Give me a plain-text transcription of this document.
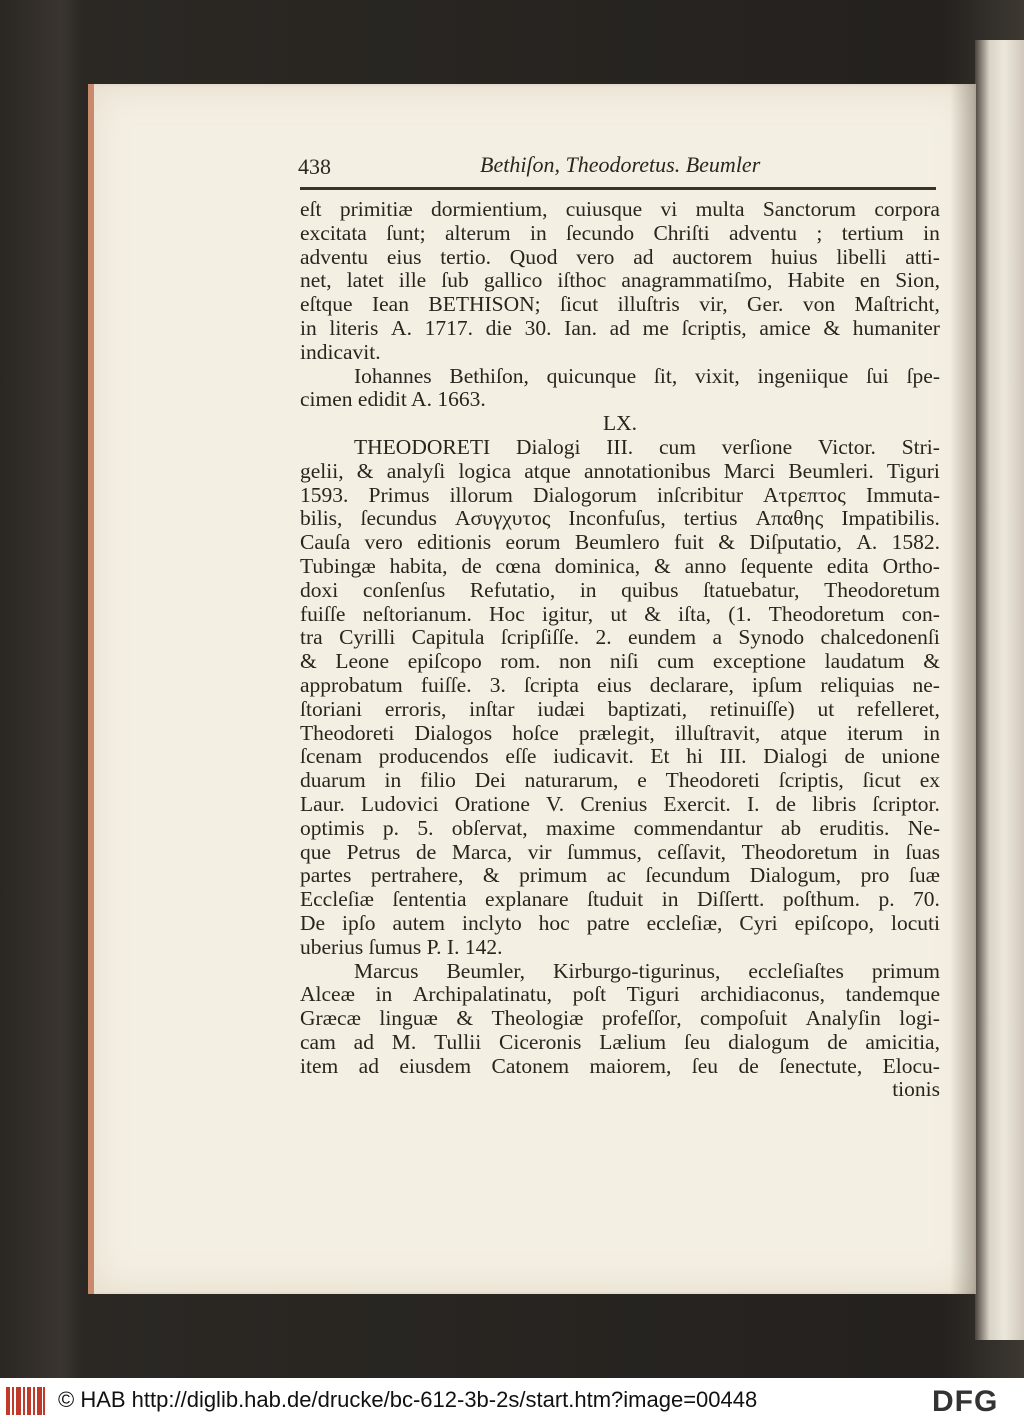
438	Bethiſon, Theodoretus. Beumler
eſt primitiæ dormientium, cuiusque vi multa Sanctorum corpora
excitata ſunt; alterum in ſecundo Chriſti adventu ; tertium in
adventu eius tertio. Quod vero ad auctorem huius libelli atti-
net, latet ille ſub gallico iſthoc anagrammatiſmo, Habite en Sion,
eſtque Iean BETHISON; ſicut illuſtris vir, Ger. von Maſtricht,
in literis A. 1717. die 30. Ian. ad me ſcriptis, amice & humaniter
indicavit.
Iohannes Bethiſon, quicunque ſit, vixit, ingeniique ſui ſpe-
cimen edidit A. 1663.
LX.
THEODORETI Dialogi III. cum verſione Victor. Stri-
gelii, & analyſi logica atque annotationibus Marci Beumleri. Tiguri
1593. Primus illorum Dialogorum inſcribitur Ατρεπτος Immuta-
bilis, ſecundus Ασυγχυτος Inconfuſus, tertius Απαθης Impatibilis.
Cauſa vero editionis eorum Beumlero fuit & Diſputatio, A. 1582.
Tubingæ habita, de cœna dominica, & anno ſequente edita Ortho-
doxi conſenſus Refutatio, in quibus ſtatuebatur, Theodoretum
fuiſſe neſtorianum. Hoc igitur, ut & iſta, (1. Theodoretum con-
tra Cyrilli Capitula ſcripſiſſe. 2. eundem a Synodo chalcedonenſi
& Leone epiſcopo rom. non niſi cum exceptione laudatum &
approbatum fuiſſe. 3. ſcripta eius declarare, ipſum reliquias ne-
ſtoriani erroris, inſtar iudæi baptizati, retinuiſſe) ut refelleret,
Theodoreti Dialogos hoſce prælegit, illuſtravit, atque iterum in
ſcenam producendos eſſe iudicavit. Et hi III. Dialogi de unione
duarum in filio Dei naturarum, e Theodoreti ſcriptis, ſicut ex
Laur. Ludovici Oratione V. Crenius Exercit. I. de libris ſcriptor.
optimis p. 5. obſervat, maxime commendantur ab eruditis. Ne-
que Petrus de Marca, vir ſummus, ceſſavit, Theodoretum in ſuas
partes pertrahere, & primum ac ſecundum Dialogum, pro ſuæ
Eccleſiæ ſententia explanare ſtuduit in Diſſertt. poſthum. p. 70.
De ipſo autem inclyto hoc patre eccleſiæ, Cyri epiſcopo, locuti
uberius ſumus P. I. 142.
Marcus Beumler, Kirburgo-tigurinus, eccleſiaſtes primum
Alceæ in Archipalatinatu, poſt Tiguri archidiaconus, tandemque
Græcæ linguæ & Theologiæ profeſſor, compoſuit Analyſin logi-
cam ad M. Tullii Ciceronis Lælium ſeu dialogum de amicitia,
item ad eiusdem Catonem maiorem, ſeu de ſenectute, Elocu-
tionis
© HAB http://diglib.hab.de/drucke/bc-612-3b-2s/start.htm?image=00448	DFG
